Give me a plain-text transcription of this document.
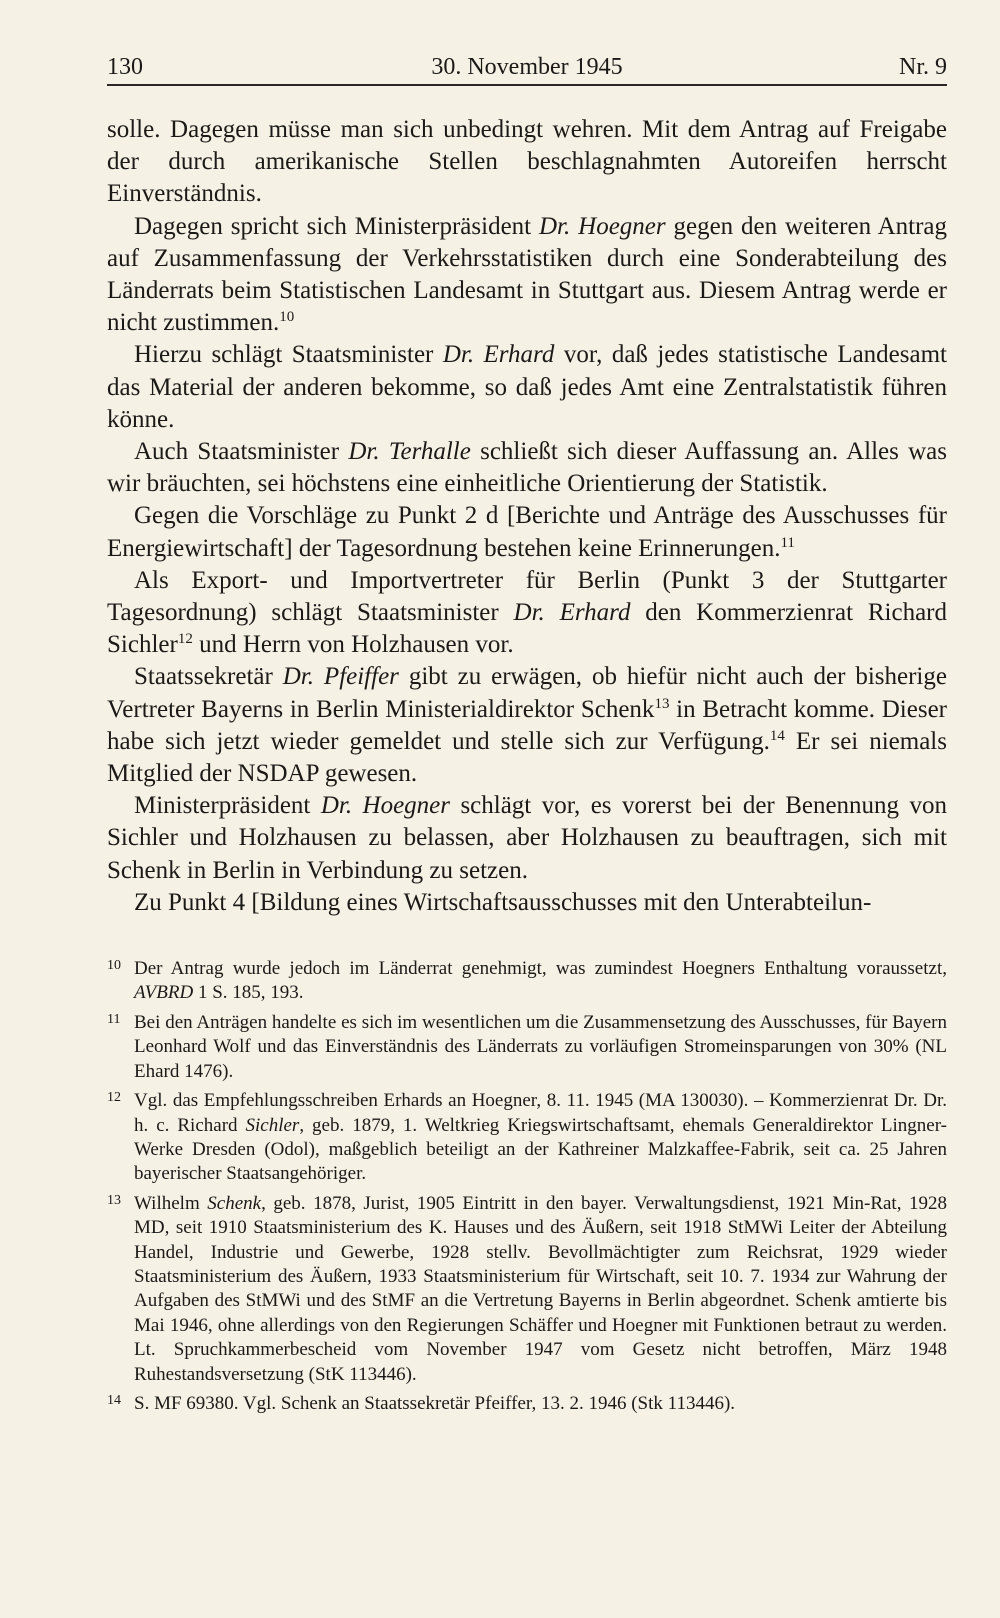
130	30. November 1945	Nr. 9

solle. Dagegen müsse man sich unbedingt wehren. Mit dem Antrag auf Freigabe der durch amerikanische Stellen beschlagnahmten Autoreifen herrscht Einverständnis.

Dagegen spricht sich Ministerpräsident Dr. Hoegner gegen den weiteren Antrag auf Zusammenfassung der Verkehrsstatistiken durch eine Sonderabteilung des Länderrats beim Statistischen Landesamt in Stuttgart aus. Diesem Antrag werde er nicht zustimmen.$^{10}$

Hierzu schlägt Staatsminister Dr. Erhard vor, daß jedes statistische Landesamt das Material der anderen bekomme, so daß jedes Amt eine Zentralstatistik führen könne.

Auch Staatsminister Dr. Terhalle schließt sich dieser Auffassung an. Alles was wir bräuchten, sei höchstens eine einheitliche Orientierung der Statistik.

Gegen die Vorschläge zu Punkt 2 d [Berichte und Anträge des Ausschusses für Energiewirtschaft] der Tagesordnung bestehen keine Erinnerungen.$^{11}$

Als Export- und Importvertreter für Berlin (Punkt 3 der Stuttgarter Tagesordnung) schlägt Staatsminister Dr. Erhard den Kommerzienrat Richard Sichler$^{12}$ und Herrn von Holzhausen vor.

Staatssekretär Dr. Pfeiffer gibt zu erwägen, ob hiefür nicht auch der bisherige Vertreter Bayerns in Berlin Ministerialdirektor Schenk$^{13}$ in Betracht komme. Dieser habe sich jetzt wieder gemeldet und stelle sich zur Verfügung.$^{14}$ Er sei niemals Mitglied der NSDAP gewesen.

Ministerpräsident Dr. Hoegner schlägt vor, es vorerst bei der Benennung von Sichler und Holzhausen zu belassen, aber Holzhausen zu beauftragen, sich mit Schenk in Berlin in Verbindung zu setzen.

Zu Punkt 4 [Bildung eines Wirtschaftsausschusses mit den Unterabteilun-

10 Der Antrag wurde jedoch im Länderrat genehmigt, was zumindest Hoegners Enthaltung voraussetzt, AVBRD 1 S. 185, 193.
11 Bei den Anträgen handelte es sich im wesentlichen um die Zusammensetzung des Ausschusses, für Bayern Leonhard Wolf und das Einverständnis des Länderrats zu vorläufigen Stromeinsparungen von 30% (NL Ehard 1476).
12 Vgl. das Empfehlungsschreiben Erhards an Hoegner, 8. 11. 1945 (MA 130030). – Kommerzienrat Dr. Dr. h. c. Richard Sichler, geb. 1879, 1. Weltkrieg Kriegswirtschaftsamt, ehemals Generaldirektor Lingner-Werke Dresden (Odol), maßgeblich beteiligt an der Kathreiner Malzkaffee-Fabrik, seit ca. 25 Jahren bayerischer Staatsangehöriger.
13 Wilhelm Schenk, geb. 1878, Jurist, 1905 Eintritt in den bayer. Verwaltungsdienst, 1921 Min-Rat, 1928 MD, seit 1910 Staatsministerium des K. Hauses und des Äußern, seit 1918 StMWi Leiter der Abteilung Handel, Industrie und Gewerbe, 1928 stellv. Bevollmächtigter zum Reichsrat, 1929 wieder Staatsministerium des Äußern, 1933 Staatsministerium für Wirtschaft, seit 10. 7. 1934 zur Wahrung der Aufgaben des StMWi und des StMF an die Vertretung Bayerns in Berlin abgeordnet. Schenk amtierte bis Mai 1946, ohne allerdings von den Regierungen Schäffer und Hoegner mit Funktionen betraut zu werden. Lt. Spruchkammerbescheid vom November 1947 vom Gesetz nicht betroffen, März 1948 Ruhestandsversetzung (StK 113446).
14 S. MF 69380. Vgl. Schenk an Staatssekretär Pfeiffer, 13. 2. 1946 (Stk 113446).
